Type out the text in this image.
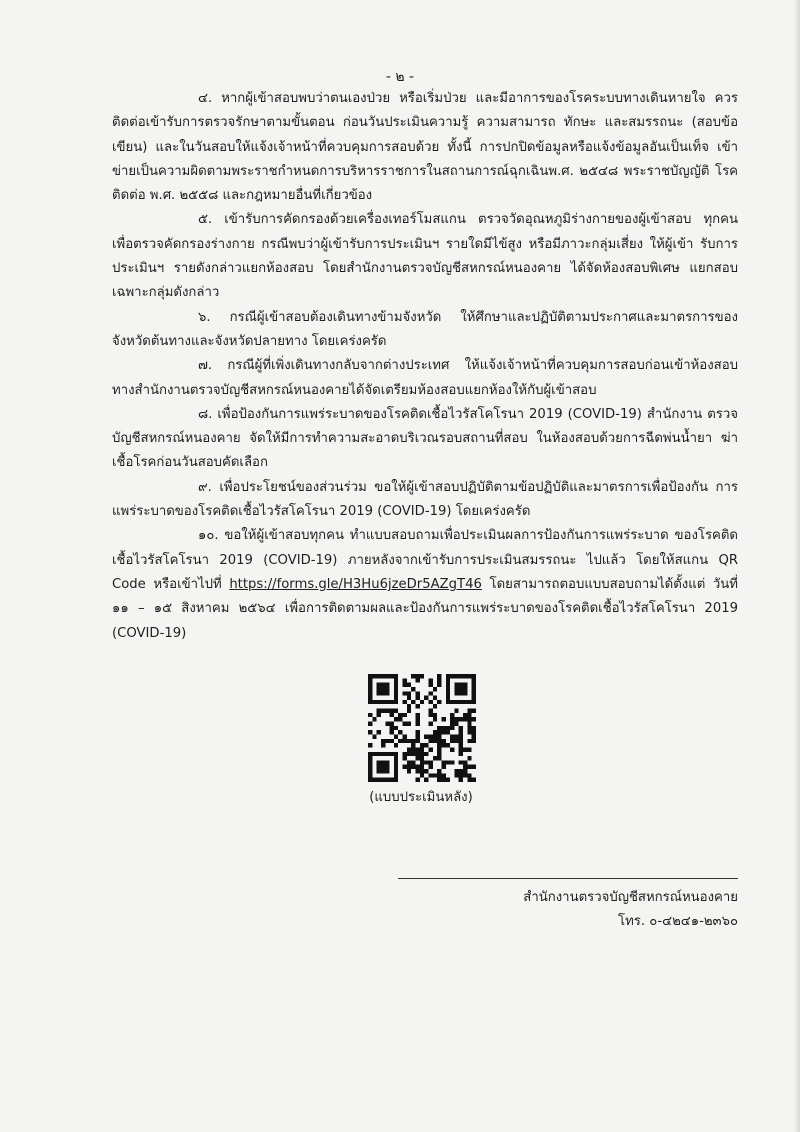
- ๒ -

๔. หากผู้เข้าสอบพบว่าตนเองป่วย หรือเริ่มป่วย และมีอาการของโรคระบบทางเดินหายใจ ควรติดต่อเข้ารับการตรวจรักษาตามขั้นตอน ก่อนวันประเมินความรู้ ความสามารถ ทักษะ และสมรรถนะ (สอบข้อเขียน) และในวันสอบให้แจ้งเจ้าหน้าที่ควบคุมการสอบด้วย ทั้งนี้ การปกปิดข้อมูลหรือแจ้งข้อมูลอันเป็นเท็จ เข้าข่ายเป็นความผิดตามพระราชกำหนดการบริหารราชการในสถานการณ์ฉุกเฉินพ.ศ. ๒๕๔๘ พระราชบัญญัติ โรคติดต่อ พ.ศ. ๒๕๕๘ และกฎหมายอื่นที่เกี่ยวข้อง

๕. เข้ารับการคัดกรองด้วยเครื่องเทอร์โมสแกน ตรวจวัดอุณหภูมิร่างกายของผู้เข้าสอบ ทุกคน เพื่อตรวจคัดกรองร่างกาย กรณีพบว่าผู้เข้ารับการประเมินฯ รายใดมีไข้สูง หรือมีภาวะกลุ่มเสี่ยง ให้ผู้เข้า รับการประเมินฯ รายดังกล่าวแยกห้องสอบ โดยสำนักงานตรวจบัญชีสหกรณ์หนองคาย ได้จัดห้องสอบพิเศษ แยกสอบเฉพาะกลุ่มดังกล่าว

๖. กรณีผู้เข้าสอบต้องเดินทางข้ามจังหวัด ให้ศึกษาและปฏิบัติตามประกาศและมาตรการของ จังหวัดต้นทางและจังหวัดปลายทาง โดยเคร่งครัด

๗. กรณีผู้ที่เพิ่งเดินทางกลับจากต่างประเทศ ให้แจ้งเจ้าหน้าที่ควบคุมการสอบก่อนเข้าห้องสอบ ทางสำนักงานตรวจบัญชีสหกรณ์หนองคายได้จัดเตรียมห้องสอบแยกห้องให้กับผู้เข้าสอบ

๘. เพื่อป้องกันการแพร่ระบาดของโรคติดเชื้อไวรัสโคโรนา 2019 (COVID-19) สำนักงาน ตรวจบัญชีสหกรณ์หนองคาย จัดให้มีการทำความสะอาดบริเวณรอบสถานที่สอบ ในห้องสอบด้วยการฉีดพ่นน้ำยา ฆ่าเชื้อโรคก่อนวันสอบคัดเลือก

๙. เพื่อประโยชน์ของส่วนร่วม ขอให้ผู้เข้าสอบปฏิบัติตามข้อปฏิบัติและมาตรการเพื่อป้องกัน การแพร่ระบาดของโรคติดเชื้อไวรัสโคโรนา 2019 (COVID-19) โดยเคร่งครัด

๑๐. ขอให้ผู้เข้าสอบทุกคน ทำแบบสอบถามเพื่อประเมินผลการป้องกันการแพร่ระบาด ของโรคติดเชื้อไวรัสโคโรนา 2019 (COVID-19) ภายหลังจากเข้ารับการประเมินสมรรถนะ ไปแล้ว โดยให้สแกน QR Code หรือเข้าไปที่ https://forms.gle/H3Hu6jzeDr5AZgT46 โดยสามารถตอบแบบสอบถามได้ตั้งแต่ วันที่ ๑๑ – ๑๕ สิงหาคม ๒๕๖๔ เพื่อการติดตามผลและป้องกันการแพร่ระบาดของโรคติดเชื้อไวรัสโคโรนา 2019 (COVID-19)

(แบบประเมินหลัง)
สำนักงานตรวจบัญชีสหกรณ์หนองคาย
โทร. ๐-๔๒๔๑-๒๓๖๐
